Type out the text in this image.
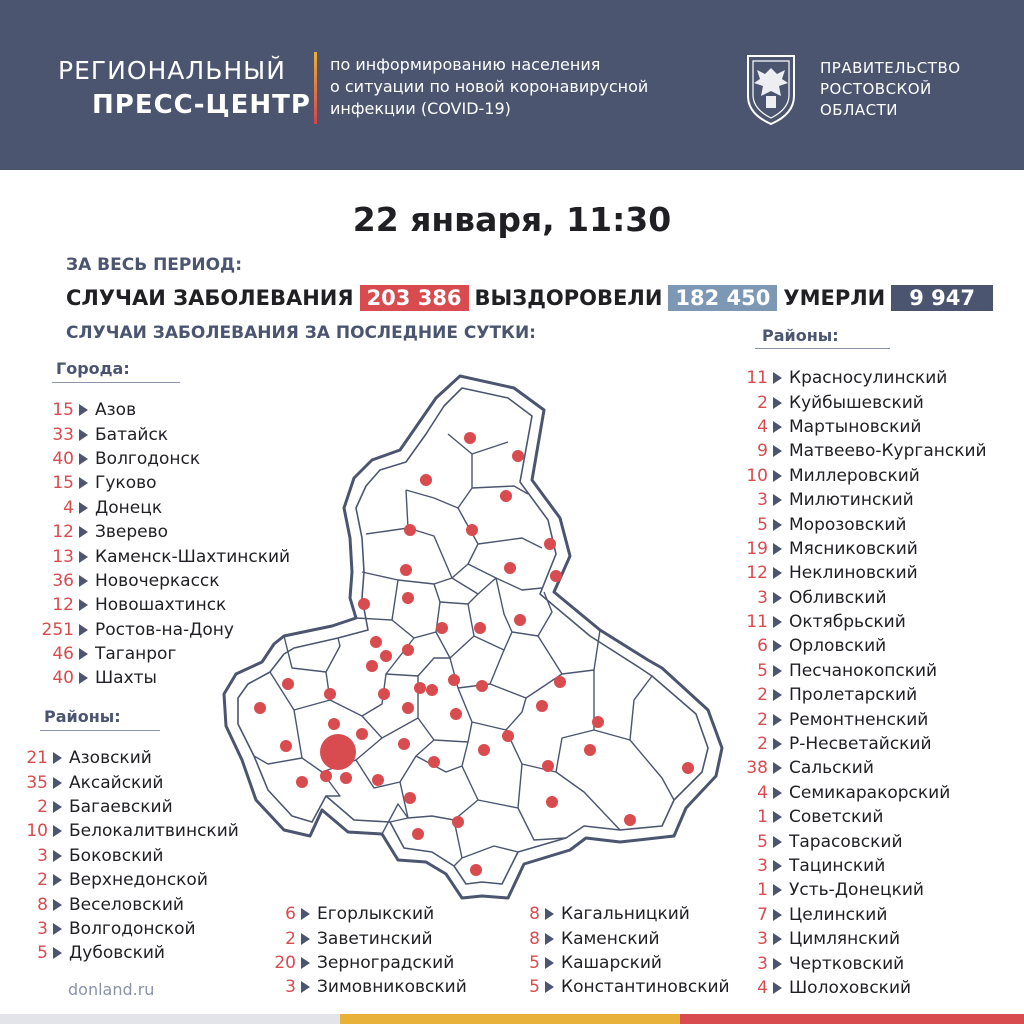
РЕГИОНАЛЬНЫЙ
ПРЕСС-ЦЕНТР
по информированию населения
о ситуации по новой коронавирусной
инфекции (COVID-19)
ПРАВИТЕЛЬСТВО
РОСТОВСКОЙ
ОБЛАСТИ
22 января, 11:30
ЗА ВЕСЬ ПЕРИОД:
СЛУЧАИ ЗАБОЛЕВАНИЯ 203 386 ВЫЗДОРОВЕЛИ 182 450 УМЕРЛИ	9 947
СЛУЧАИ ЗАБОЛЕВАНИЯ ЗА ПОСЛЕДНИЕ СУТКИ:
Города:
Районы:
Районы:
15 Азов
33 Батайск
40 Волгодонск
15 Гуково
4 Донецк
12 Зверево
13 Каменск-Шахтинский
36 Новочеркасск
12 Новошахтинск
251 Ростов-на-Дону
46 Таганрог
40 Шахты
21 Азовский
35 Аксайский
2 Багаевский
10 Белокалитвинский
3 Боковский
2 Верхнедонской
8 Веселовский
3 Волгодонской
5 Дубовский
6 Егорлыкский
2 Заветинский
20 Зерноградский
3 Зимовниковский
8 Кагальницкий
8 Каменский
5 Кашарский
5 Константиновский
11 Красносулинский
2 Куйбышевский
4 Мартыновский
9 Матвеево-Курганский
10 Миллеровский
3 Милютинский
5 Морозовский
19 Мясниковский
12 Неклиновский
3 Обливский
11 Октябрьский
6 Орловский
5 Песчанокопский
2 Пролетарский
2 Ремонтненский
2 Р-Несветайский
38 Сальский
4 Семикаракорский
1 Советский
5 Тарасовский
3 Тацинский
1 Усть-Донецкий
7 Целинский
3 Цимлянский
3 Чертковский
4 Шолоховский
donland.ru
